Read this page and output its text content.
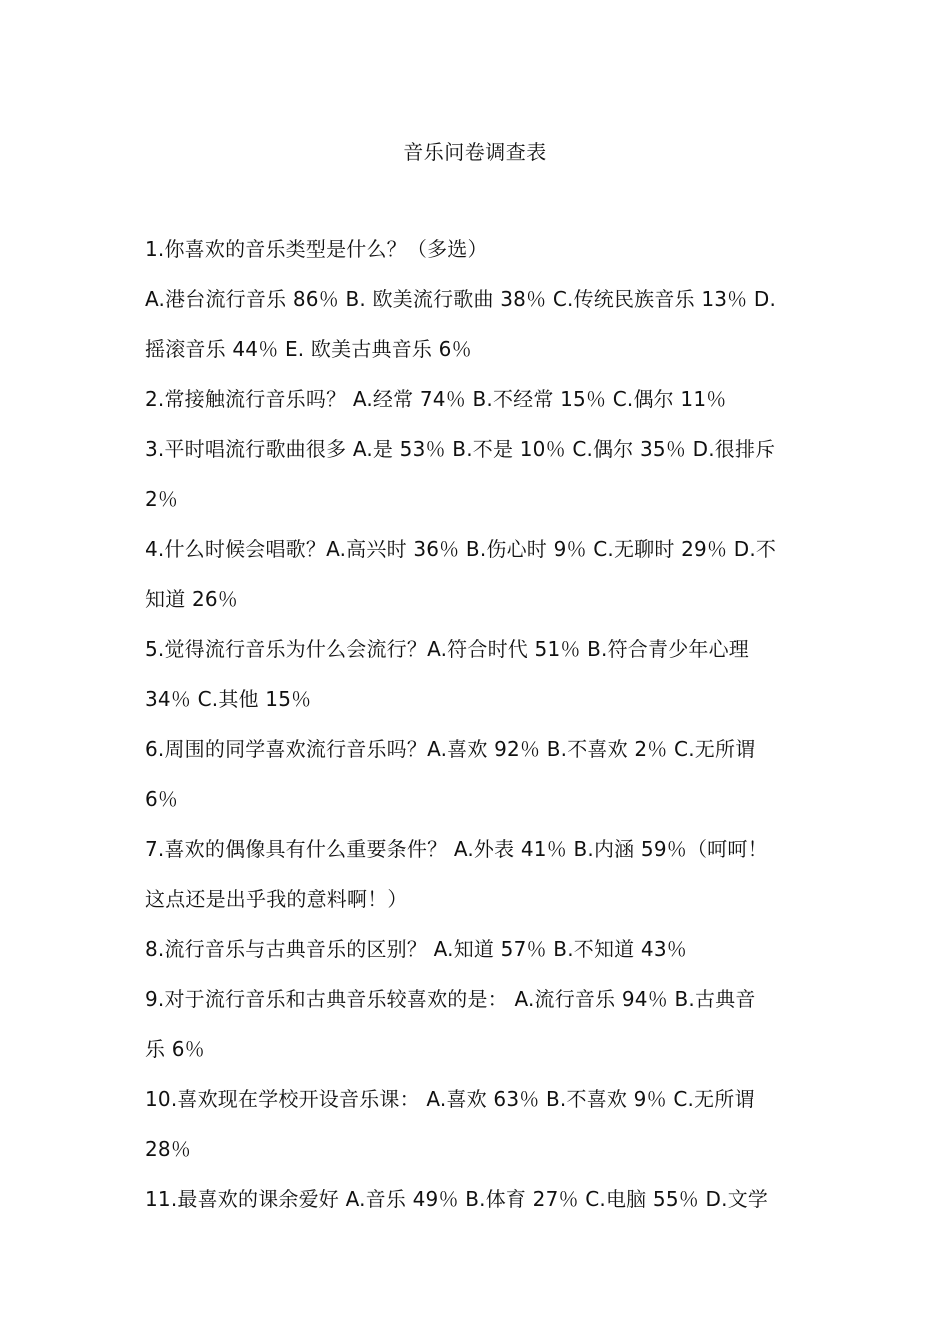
音乐问卷调查表
1.你喜欢的音乐类型是什么？（多选）
A.港台流行音乐 86％ B. 欧美流行歌曲 38％ C.传统民族音乐 13％ D.
摇滚音乐 44％ E. 欧美古典音乐 6％
2.常接触流行音乐吗？ A.经常 74％ B.不经常 15％ C.偶尔 11％
3.平时唱流行歌曲很多 A.是 53％ B.不是 10％ C.偶尔 35％ D.很排斥
2％
4.什么时候会唱歌？A.高兴时 36％ B.伤心时 9％ C.无聊时 29％ D.不
知道 26％
5.觉得流行音乐为什么会流行？A.符合时代 51％ B.符合青少年心理
34％ C.其他 15％
6.周围的同学喜欢流行音乐吗？A.喜欢 92％ B.不喜欢 2％ C.无所谓
6％
7.喜欢的偶像具有什么重要条件？ A.外表 41％ B.内涵 59％（呵呵！
这点还是出乎我的意料啊！）
8.流行音乐与古典音乐的区别？ A.知道 57％ B.不知道 43％
9.对于流行音乐和古典音乐较喜欢的是： A.流行音乐 94％ B.古典音
乐 6％
10.喜欢现在学校开设音乐课： A.喜欢 63％ B.不喜欢 9％ C.无所谓
28％
11.最喜欢的课余爱好 A.音乐 49％ B.体育 27％ C.电脑 55％ D.文学
